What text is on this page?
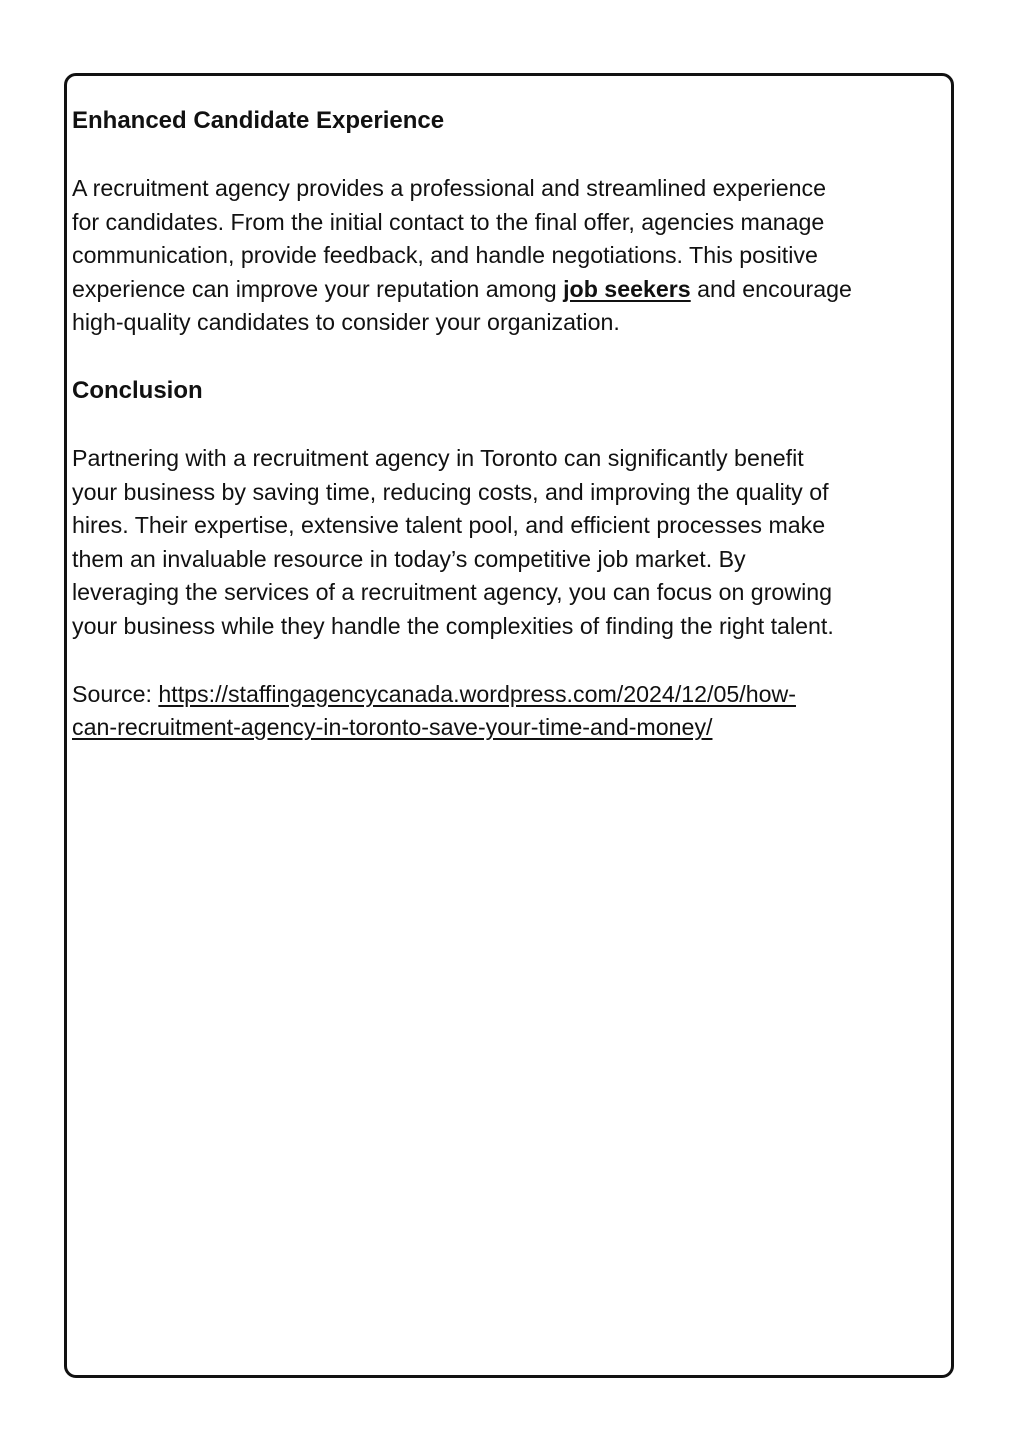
Enhanced Candidate Experience
A recruitment agency provides a professional and streamlined experience
for candidates. From the initial contact to the final offer, agencies manage
communication, provide feedback, and handle negotiations. This positive
experience can improve your reputation among job seekers and encourage
high-quality candidates to consider your organization.
Conclusion
Partnering with a recruitment agency in Toronto can significantly benefit
your business by saving time, reducing costs, and improving the quality of
hires. Their expertise, extensive talent pool, and efficient processes make
them an invaluable resource in today’s competitive job market. By
leveraging the services of a recruitment agency, you can focus on growing
your business while they handle the complexities of finding the right talent.
Source: https://staffingagencycanada.wordpress.com/2024/12/05/how-
can-recruitment-agency-in-toronto-save-your-time-and-money/
